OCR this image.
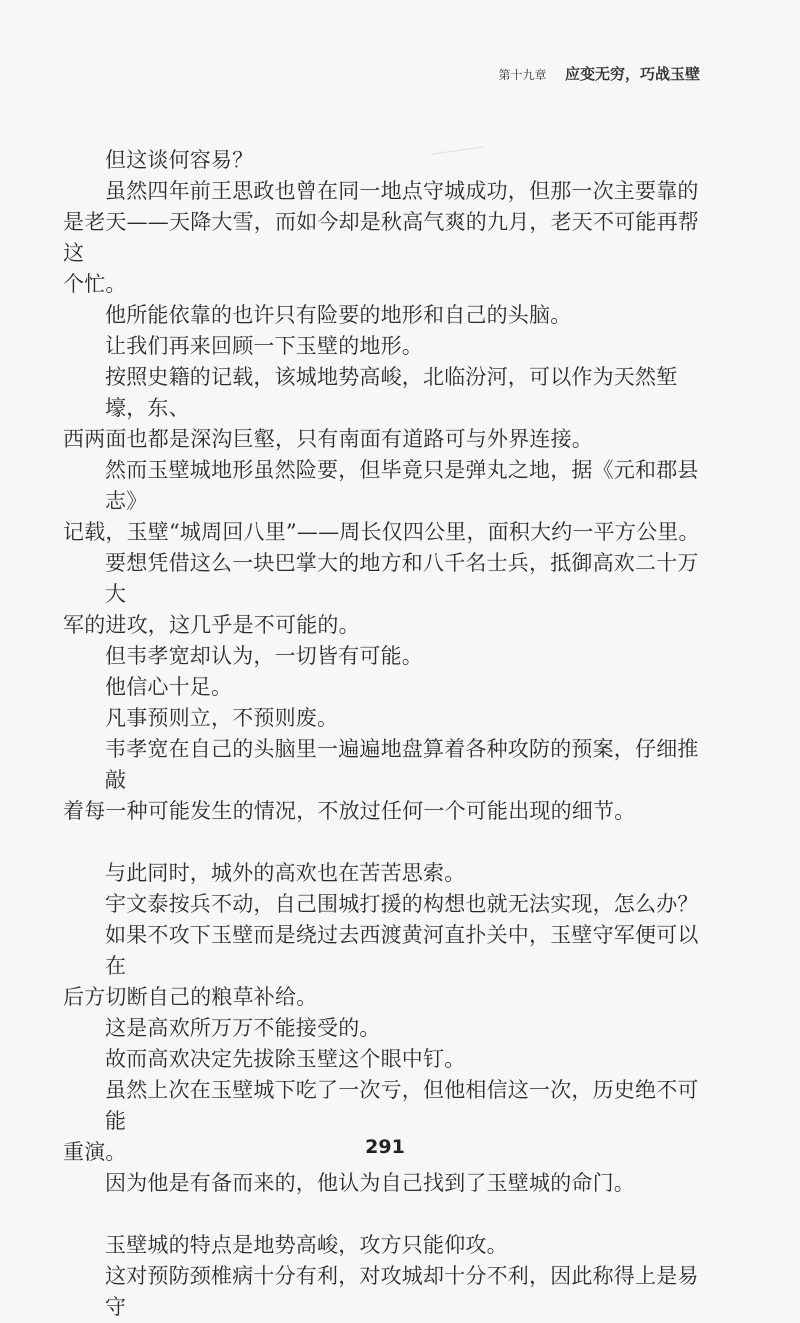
第十九章 应变无穷，巧战玉壁
但这谈何容易？
虽然四年前王思政也曾在同一地点守城成功，但那一次主要靠的
是老天——天降大雪，而如今却是秋高气爽的九月，老天不可能再帮这
个忙。
他所能依靠的也许只有险要的地形和自己的头脑。
让我们再来回顾一下玉壁的地形。
按照史籍的记载，该城地势高峻，北临汾河，可以作为天然堑壕，东、
西两面也都是深沟巨壑，只有南面有道路可与外界连接。
然而玉壁城地形虽然险要，但毕竟只是弹丸之地，据《元和郡县志》
记载，玉壁“城周回八里”——周长仅四公里，面积大约一平方公里。
要想凭借这么一块巴掌大的地方和八千名士兵，抵御高欢二十万大
军的进攻，这几乎是不可能的。
但韦孝宽却认为，一切皆有可能。
他信心十足。
凡事预则立，不预则废。
韦孝宽在自己的头脑里一遍遍地盘算着各种攻防的预案，仔细推敲
着每一种可能发生的情况，不放过任何一个可能出现的细节。
与此同时，城外的高欢也在苦苦思索。
宇文泰按兵不动，自己围城打援的构想也就无法实现，怎么办？
如果不攻下玉壁而是绕过去西渡黄河直扑关中，玉壁守军便可以在
后方切断自己的粮草补给。
这是高欢所万万不能接受的。
故而高欢决定先拔除玉壁这个眼中钉。
虽然上次在玉壁城下吃了一次亏，但他相信这一次，历史绝不可能
重演。
因为他是有备而来的，他认为自己找到了玉壁城的命门。
玉壁城的特点是地势高峻，攻方只能仰攻。
这对预防颈椎病十分有利，对攻城却十分不利，因此称得上是易守
291
